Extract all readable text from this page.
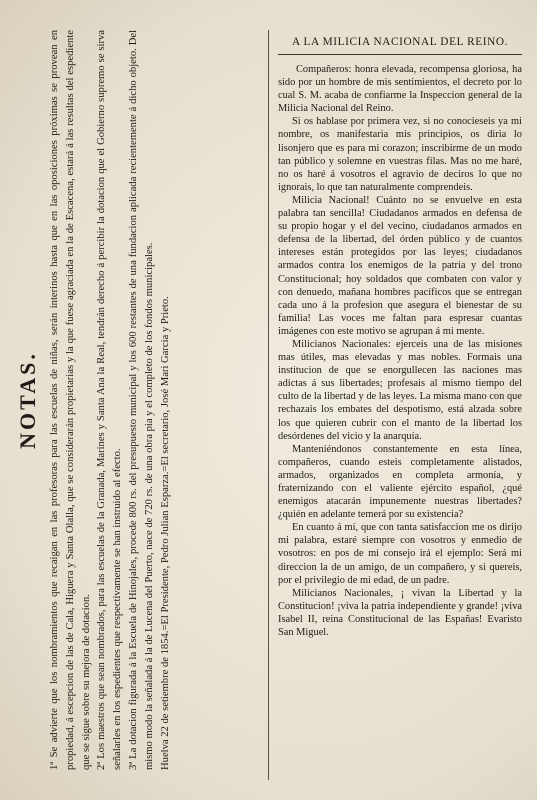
NOTAS. 1ª Se advierte que los nombramientos que recaigan en las profesoras para las escuelas de niñas, serán interinos hasta que en las oposiciones próximas se provean en propiedad, á escepcion de las de Cala, Higuera y Santa Olalla, que se considerarán propietarias y la que fuese agraciada en la de Escacena, estará á las resultas del espediente que se sigue sobre su mejora de dotacion. 2ª Los maestros que sean nombrados, para las escuelas de la Granada, Marines y Santa Ana la Real, tendrán derecho á percibir la dotacion que el Gobierno supremo se sirva señalarles en los espedientes que respectivamente se han instruido al efecto. 3ª La dotacion figurada á la Escuela de Hinojales, procede 800 rs. del presupuesto municipal y los 600 restantes de una fundacion aplicada recientemente á dicho objeto. Del mismo modo la señalada á la de Lucena del Puerto, nace de 720 rs. de una obra pia y el completo de los fondos municipales. Huelva 22 de setiembre de 1854.=El Presidente, Pedro Julian Esparza.=El secretario, José Mari Garcia y Prieto.

A LA MILICIA NACIONAL DEL REINO.

Compañeros: honra elevada, recompensa gloriosa, ha sido por un hombre de mis sentimientos, el decreto por lo cual S. M. acaba de confiarme la Inspeccion general de la Milicia Nacional del Reino.

Si os hablase por primera vez, si no conocieseis ya mi nombre, os manifestaria mis principios, os diria lo lisonjero que es para mi corazon; inscribirme de un modo tan público y solemne en vuestras filas. Mas no me haré, no os haré á vosotros el agravio de deciros lo que no ignorais, lo que tan naturalmente comprendeis.

Milicia Nacional! Cuánto no se envuelve en esta palabra tan sencilla! Ciudadanos armados en defensa de su propio hogar y el del vecino, ciudadanos armados en defensa de la libertad, del órden público y de cuantos intereses están protegidos por las leyes; ciudadanos armados contra los enemigos de la patria y del trono Constitucional; hoy soldados que combaten con valor y con denuedo, mañana hombres pacíficos que se entregan cada uno á la profesion que asegura el bienestar de su familia! Las voces me faltan para espresar cuantas imágenes con este motivo se agrupan á mi mente.

Milicianos Nacionales: ejerceis una de las misiones mas útiles, mas elevadas y mas nobles. Formais una institucion de que se enorgullecen las naciones mas adictas á sus libertades; profesais al mismo tiempo del culto de la libertad y de las leyes. La misma mano con que rechazais los embates del despotismo, está alzada sobre los que quieren cubrir con el manto de la libertad los desórdenes del vicio y la anarquía.

Manteniéndonos constantemente en esta línea, compañeros, cuando esteis completamente alistados, armados, organizados en completa armonía, y fraternizando con el valiente ejército español, ¿qué enemigos atacarán impunemente nuestras libertades? ¿quién en adelante temerá por su existencia?

En cuanto á mí, que con tanta satisfaccion me os dirijo mi palabra, estaré siempre con vosotros y enmedio de vosotros: en pos de mi consejo irá el ejemplo: Será mi direccion la de un amigo, de un compañero, y si quereis, por el privilegio de mi edad, de un padre.

Milicianos Nacionales, ¡ vivan la Libertad y la Constitucion! ¡viva la patria independiente y grande! ¡viva Isabel II, reina Constitucional de las Españas! Evaristo San Miguel.
